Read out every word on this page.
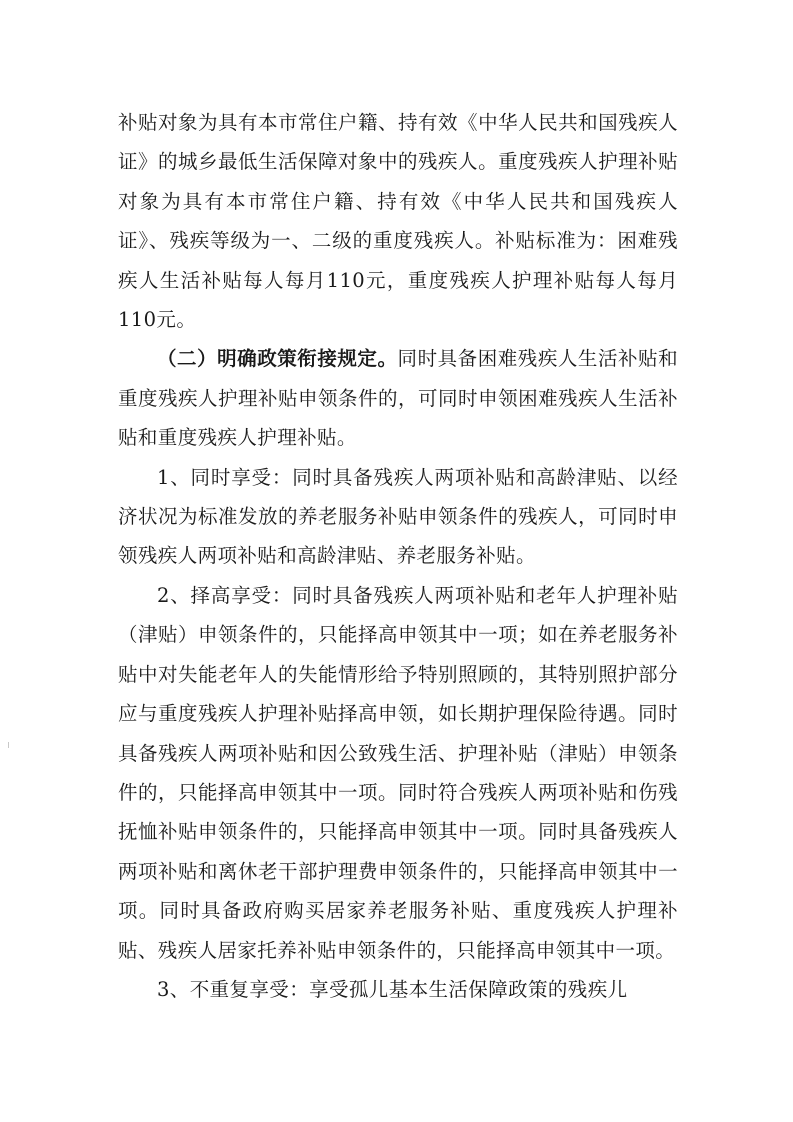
补贴对象为具有本市常住户籍、持有效《中华人民共和国残疾人证》的城乡最低生活保障对象中的残疾人。重度残疾人护理补贴对象为具有本市常住户籍、持有效《中华人民共和国残疾人证》、残疾等级为一、二级的重度残疾人。补贴标准为：困难残疾人生活补贴每人每月110元，重度残疾人护理补贴每人每月110元。

（二）明确政策衔接规定。同时具备困难残疾人生活补贴和重度残疾人护理补贴申领条件的，可同时申领困难残疾人生活补贴和重度残疾人护理补贴。

1、同时享受：同时具备残疾人两项补贴和高龄津贴、以经济状况为标准发放的养老服务补贴申领条件的残疾人，可同时申领残疾人两项补贴和高龄津贴、养老服务补贴。

2、择高享受：同时具备残疾人两项补贴和老年人护理补贴（津贴）申领条件的，只能择高申领其中一项；如在养老服务补贴中对失能老年人的失能情形给予特别照顾的，其特别照护部分应与重度残疾人护理补贴择高申领，如长期护理保险待遇。同时具备残疾人两项补贴和因公致残生活、护理补贴（津贴）申领条件的，只能择高申领其中一项。同时符合残疾人两项补贴和伤残抚恤补贴申领条件的，只能择高申领其中一项。同时具备残疾人两项补贴和离休老干部护理费申领条件的，只能择高申领其中一项。同时具备政府购买居家养老服务补贴、重度残疾人护理补贴、残疾人居家托养补贴申领条件的，只能择高申领其中一项。

3、不重复享受：享受孤儿基本生活保障政策的残疾儿
